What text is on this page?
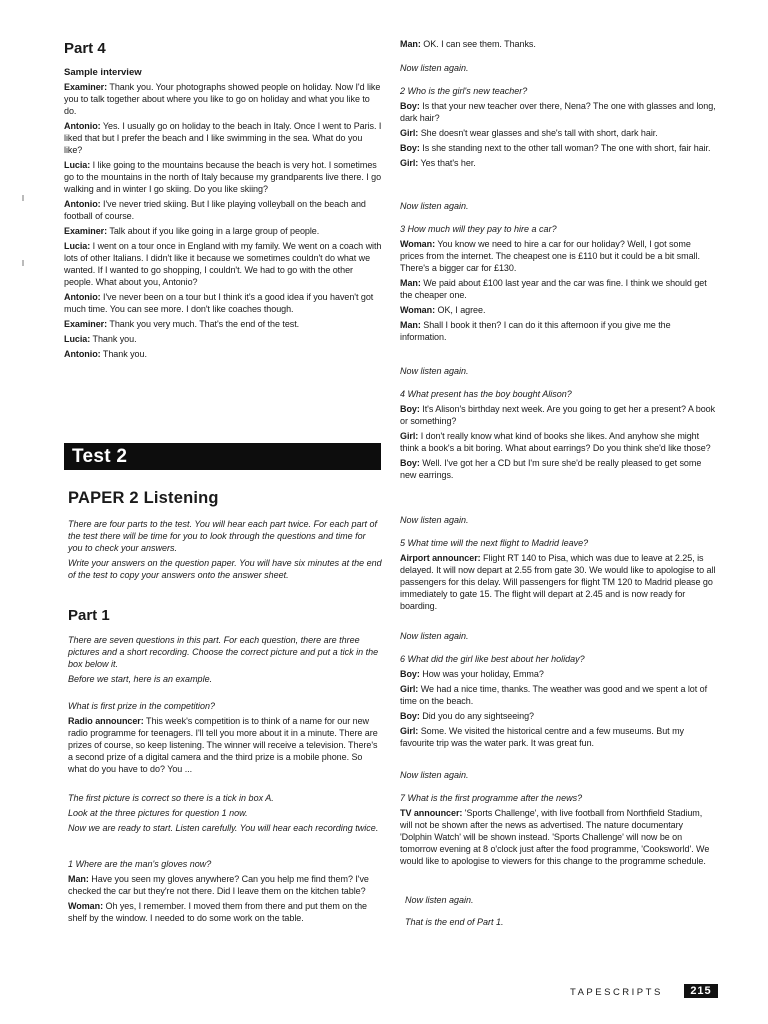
Part 4
Sample interview

Examiner: Thank you. Your photographs showed people on holiday. Now I'd like you to talk together about where you like to go on holiday and what you like to do.

Antonio: Yes. I usually go on holiday to the beach in Italy. Once I went to Paris. I liked that but I prefer the beach and I like swimming in the sea. What do you like?

Lucia: I like going to the mountains because the beach is very hot. I sometimes go to the mountains in the north of Italy because my grandparents live there. I go walking and in winter I go skiing. Do you like skiing?

Antonio: I've never tried skiing. But I like playing volleyball on the beach and football of course.

Examiner: Talk about if you like going in a large group of people.

Lucia: I went on a tour once in England with my family. We went on a coach with lots of other Italians. I didn't like it because we sometimes couldn't do what we wanted. If I wanted to go shopping, I couldn't. We had to go with the other people. What about you, Antonio?

Antonio: I've never been on a tour but I think it's a good idea if you haven't got much time. You can see more. I don't like coaches though.

Examiner: Thank you very much. That's the end of the test.

Lucia: Thank you.

Antonio: Thank you.

Test 2
PAPER 2 Listening

There are four parts to the test. You will hear each part twice. For each part of the test there will be time for you to look through the questions and time for you to check your answers.

Write your answers on the question paper. You will have six minutes at the end of the test to copy your answers onto the answer sheet.

Part 1

There are seven questions in this part. For each question, there are three pictures and a short recording. Choose the correct picture and put a tick in the box below it.

Before we start, here is an example.

What is first prize in the competition?

Radio announcer: This week's competition is to think of a name for our new radio programme for teenagers. I'll tell you more about it in a minute. There are prizes of course, so keep listening. The winner will receive a television. There's a second prize of a digital camera and the third prize is a mobile phone. So what do you have to do? You ...

The first picture is correct so there is a tick in box A.

Look at the three pictures for question 1 now.

Now we are ready to start. Listen carefully. You will hear each recording twice.

1 Where are the man's gloves now?

Man: Have you seen my gloves anywhere? Can you help me find them? I've checked the car but they're not there. Did I leave them on the kitchen table?

Woman: Oh yes, I remember. I moved them from there and put them on the shelf by the window. I needed to do some work on the table.

Man: OK. I can see them. Thanks.

Now listen again.

2 Who is the girl's new teacher?

Boy: Is that your new teacher over there, Nena? The one with glasses and long, dark hair?

Girl: She doesn't wear glasses and she's tall with short, dark hair.

Boy: Is she standing next to the other tall woman? The one with short, fair hair.

Girl: Yes that's her.

Now listen again.

3 How much will they pay to hire a car?

Woman: You know we need to hire a car for our holiday? Well, I got some prices from the internet. The cheapest one is £110 but it could be a bit small. There's a bigger car for £130.

Man: We paid about £100 last year and the car was fine. I think we should get the cheaper one.

Woman: OK, I agree.

Man: Shall I book it then? I can do it this afternoon if you give me the information.

Now listen again.

4 What present has the boy bought Alison?

Boy: It's Alison's birthday next week. Are you going to get her a present? A book or something?

Girl: I don't really know what kind of books she likes. And anyhow she might think a book's a bit boring. What about earrings? Do you think she'd like those?

Boy: Well. I've got her a CD but I'm sure she'd be really pleased to get some new earrings.

Now listen again.

5 What time will the next flight to Madrid leave?

Airport announcer: Flight RT 140 to Pisa, which was due to leave at 2.25, is delayed. It will now depart at 2.55 from gate 30. We would like to apologise to all passengers for this delay. Will passengers for flight TM 120 to Madrid please go immediately to gate 15. The flight will depart at 2.45 and is now ready for boarding.

Now listen again.

6 What did the girl like best about her holiday?

Boy: How was your holiday, Emma?

Girl: We had a nice time, thanks. The weather was good and we spent a lot of time on the beach.

Boy: Did you do any sightseeing?

Girl: Some. We visited the historical centre and a few museums. But my favourite trip was the water park. It was great fun.

Now listen again.

7 What is the first programme after the news?

TV announcer: 'Sports Challenge', with live football from Northfield Stadium, will not be shown after the news as advertised. The nature documentary 'Dolphin Watch' will be shown instead. 'Sports Challenge' will now be on tomorrow evening at 8 o'clock just after the food programme, 'Cooksworld'. We would like to apologise to viewers for this change to the programme schedule.

Now listen again.

That is the end of Part 1.

TAPESCRIPTS	215
